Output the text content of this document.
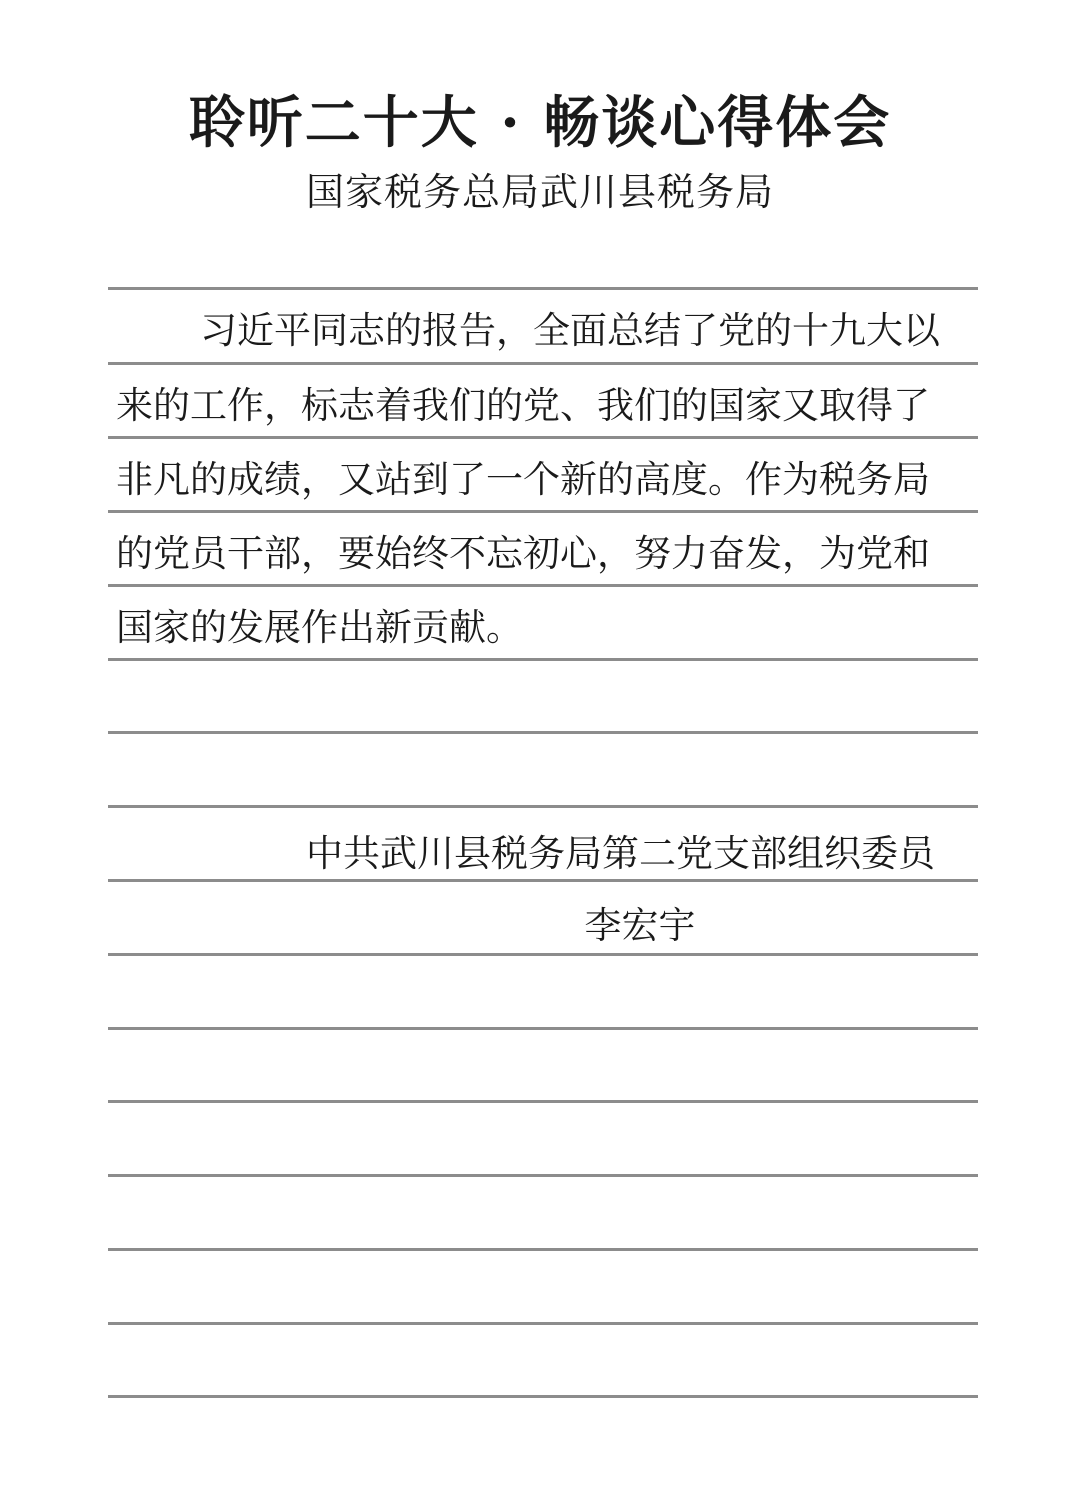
聆听二十大 · 畅谈心得体会
国家税务总局武川县税务局
习近平同志的报告，全面总结了党的十九大以
来的工作，标志着我们的党、我们的国家又取得了
非凡的成绩，又站到了一个新的高度。作为税务局
的党员干部，要始终不忘初心，努力奋发，为党和
国家的发展作出新贡献。
中共武川县税务局第二党支部组织委员
李宏宇
